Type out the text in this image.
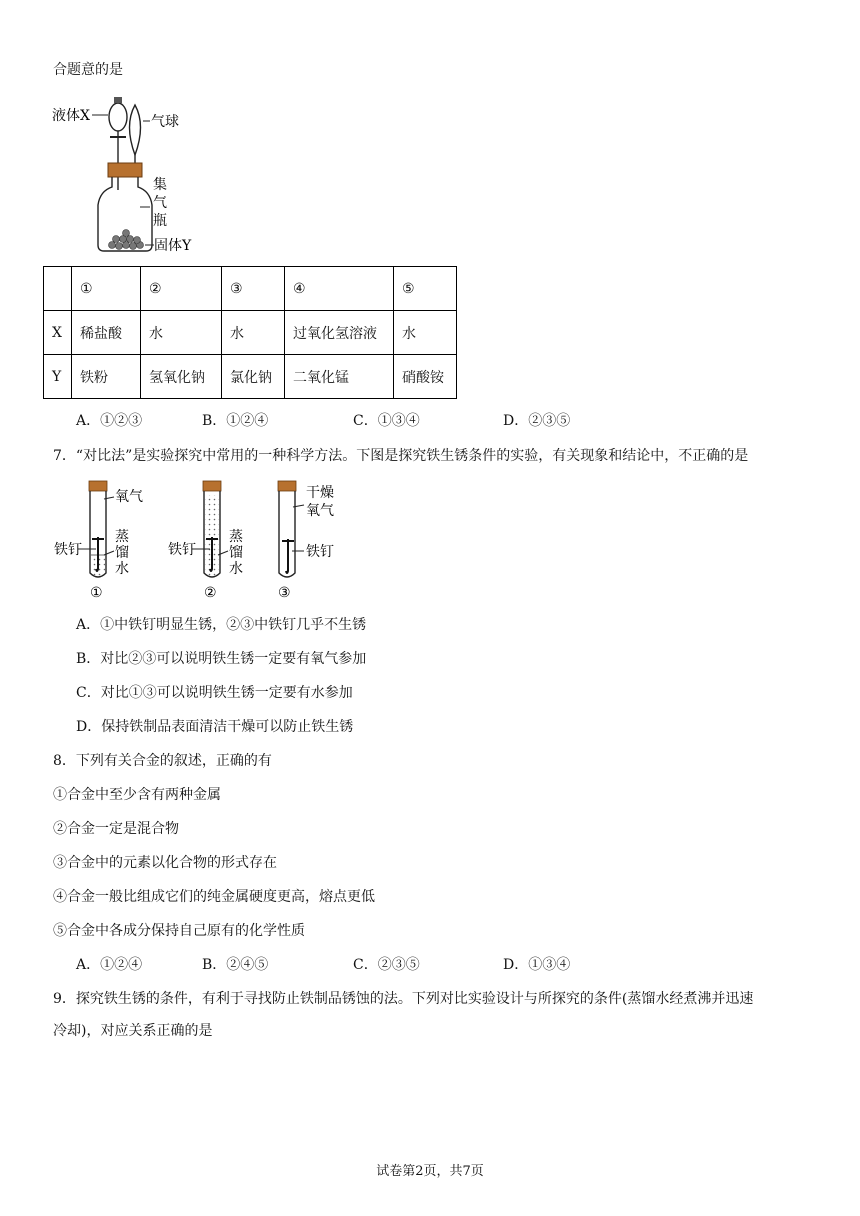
合题意的是
液体X	气球
集
气
瓶
固体Y
	①	②	③	④	⑤
X	稀盐酸	水	水	过氧化氢溶液	水
Y	铁粉	氢氧化钠	氯化钠	二氧化锰	硝酸铵
A．①②③	B．①②④	C．①③④	D．②③⑤
7．“对比法”是实验探究中常用的一种科学方法。下图是探究铁生锈条件的实验，有关现象和结论中，不正确的是
氧气
铁钉
蒸
馏
水
①
铁钉
蒸
馏
水
②
干燥
氧气
铁钉
③
A．①中铁钉明显生锈，②③中铁钉几乎不生锈
B．对比②③可以说明铁生锈一定要有氧气参加
C．对比①③可以说明铁生锈一定要有水参加
D．保持铁制品表面清洁干燥可以防止铁生锈
8．下列有关合金的叙述，正确的有
①合金中至少含有两种金属
②合金一定是混合物
③合金中的元素以化合物的形式存在
④合金一般比组成它们的纯金属硬度更高，熔点更低
⑤合金中各成分保持自己原有的化学性质
A．①②④	B．②④⑤	C．②③⑤	D．①③④
9．探究铁生锈的条件，有利于寻找防止铁制品锈蚀的法。下列对比实验设计与所探究的条件(蒸馏水经煮沸并迅速
冷却)，对应关系正确的是
试卷第2页，共7页
